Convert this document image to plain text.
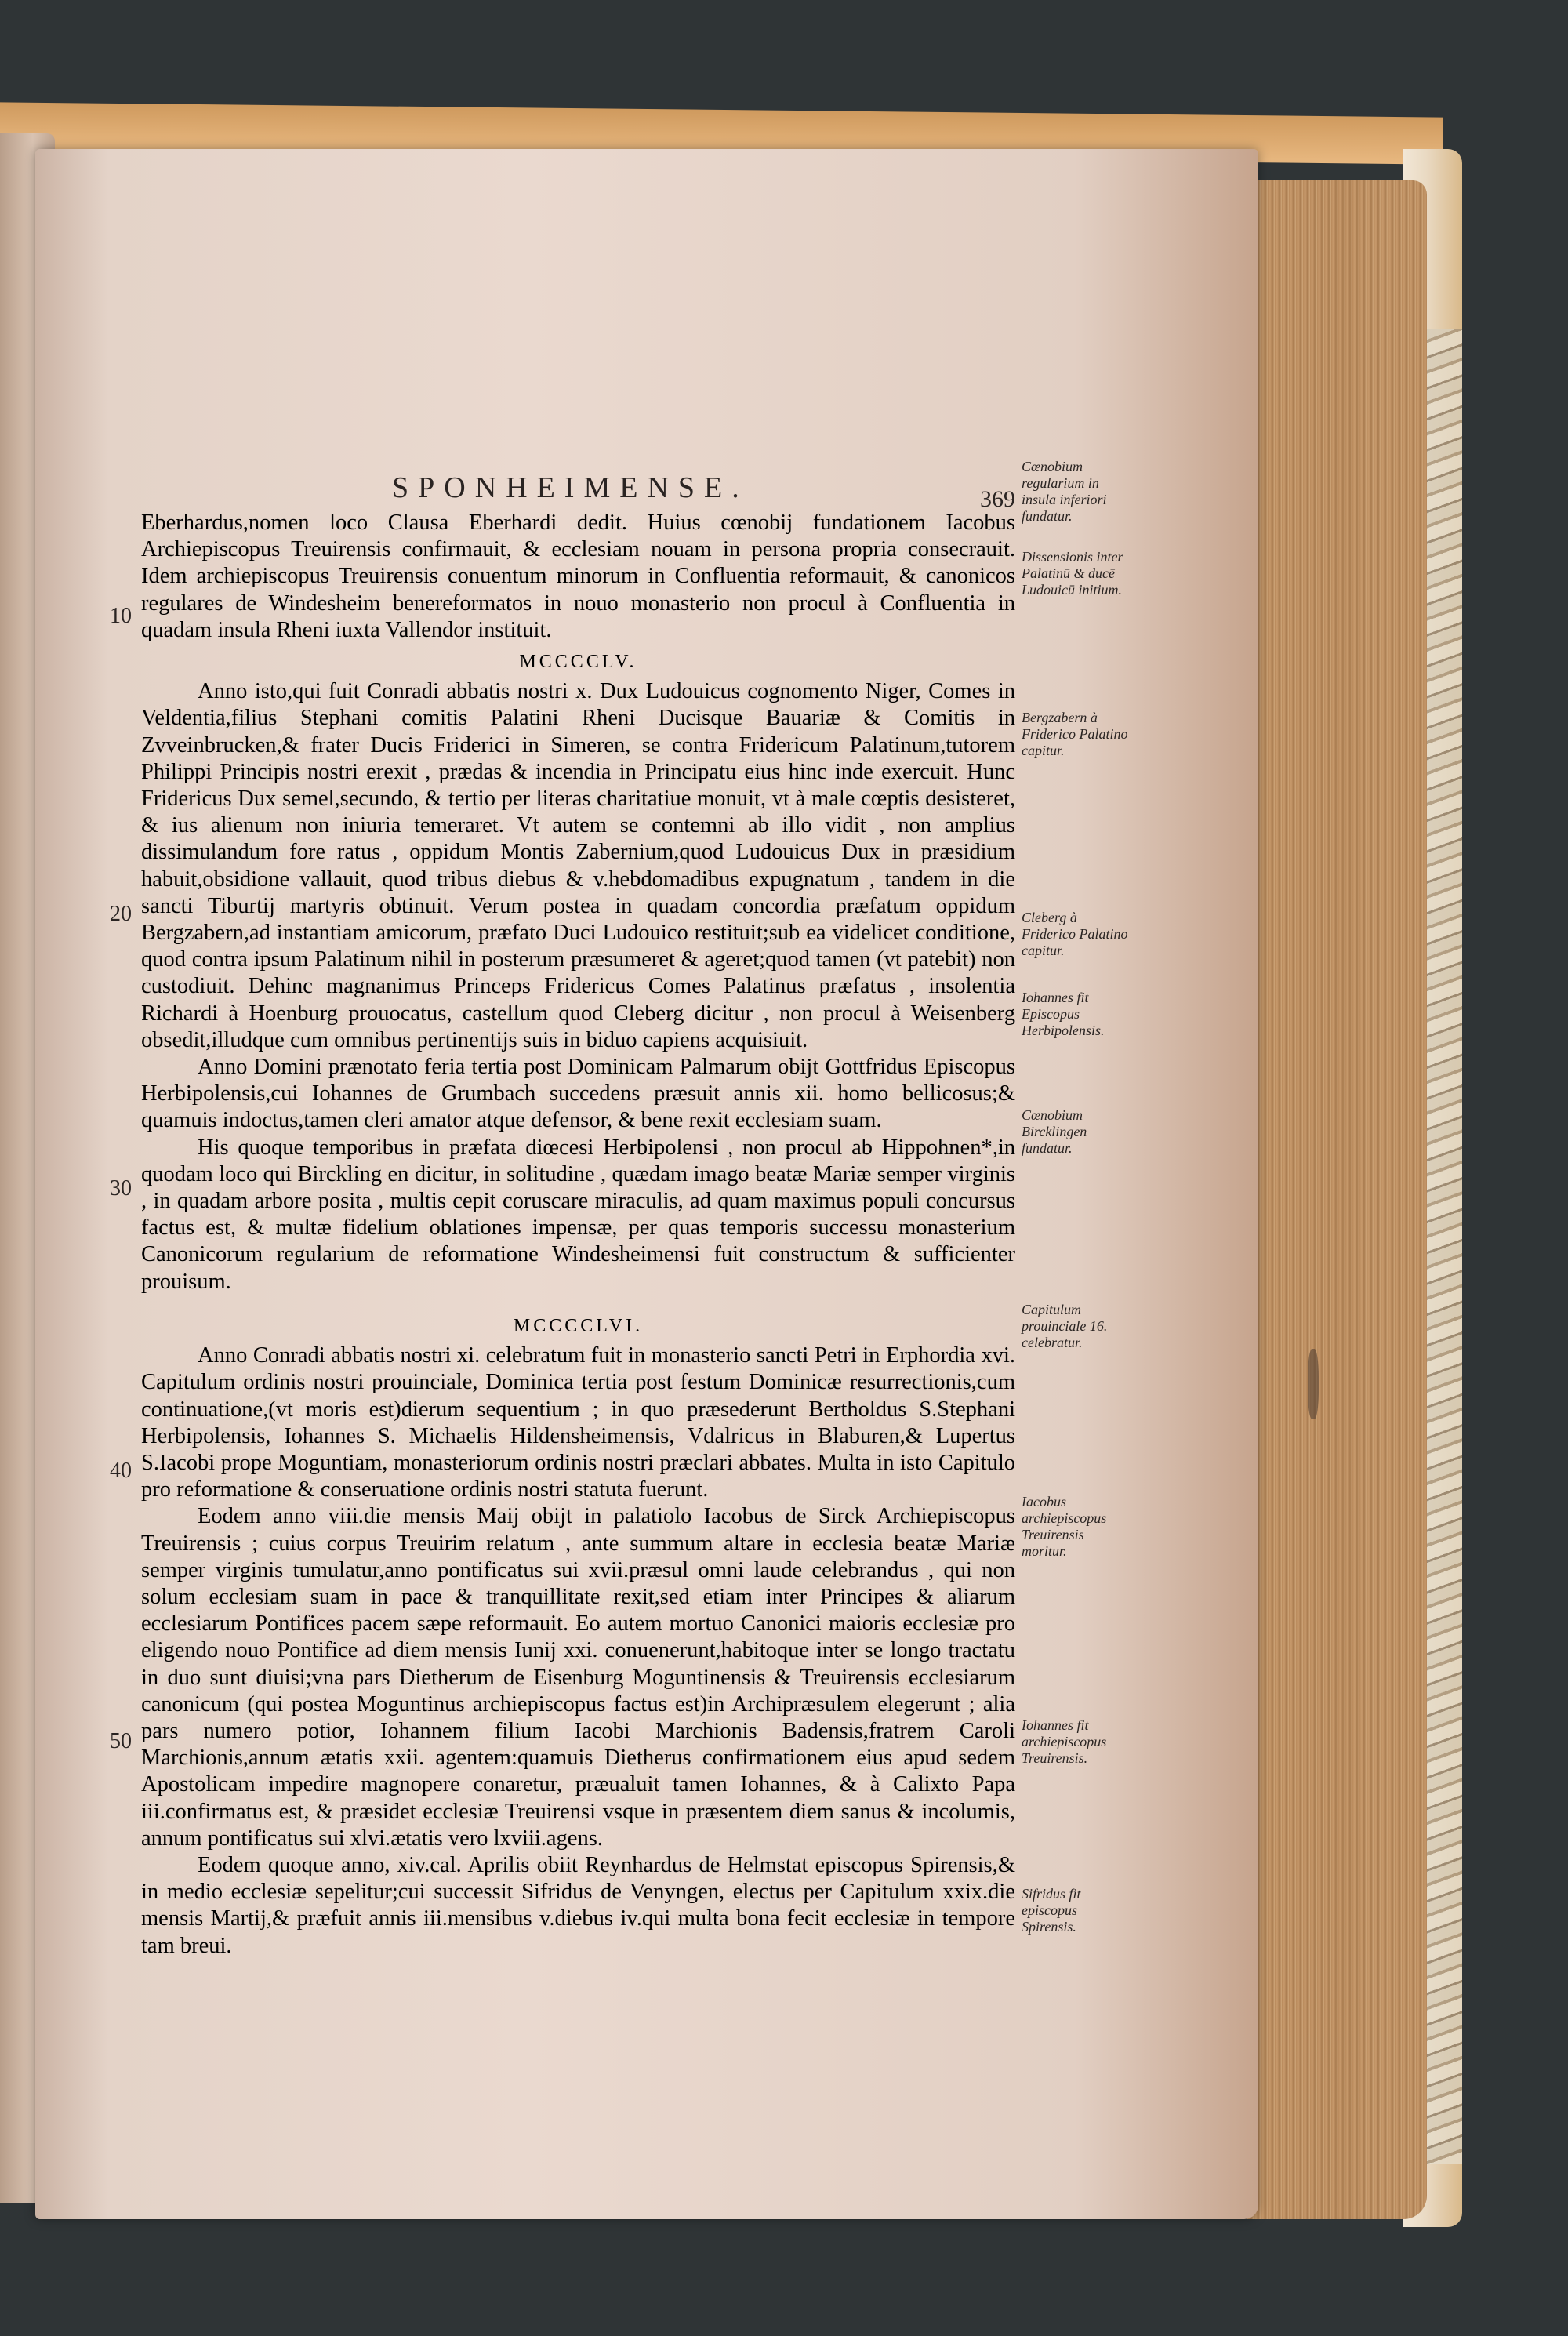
SPONHEIMENSE.	369

Eberhardus,nomen loco Clausa Eberhardi dedit. Huius cœnobij fundationem Iacobus Archiepiscopus Treuirensis confirmauit, & ecclesiam nouam in persona propria consecrauit. Idem archiepiscopus Treuirensis conuentum minorum in Confluentia reformauit, & canonicos regulares de Windesheim benereformatos in nouo monasterio non procul à Confluentia in quadam insula Rheni iuxta Vallendor instituit.

MCCCCLV.

Anno isto,qui fuit Conradi abbatis nostri x. Dux Ludouicus cognomento Niger, Comes in Veldentia,filius Stephani comitis Palatini Rheni Ducisque Bauariæ & Comitis in Zvveinbrucken,& frater Ducis Friderici in Simeren, se contra Fridericum Palatinum,tutorem Philippi Principis nostri erexit , prædas & incendia in Principatu eius hinc inde exercuit. Hunc Fridericus Dux semel,secundo, & tertio per literas charitatiue monuit, vt à male cœptis desisteret, & ius alienum non iniuria temeraret. Vt autem se contemni ab illo vidit , non amplius dissimulandum fore ratus , oppidum Montis Zabernium,quod Ludouicus Dux in præsidium habuit,obsidione vallauit, quod tribus diebus & v.hebdomadibus expugnatum , tandem in die sancti Tiburtij martyris obtinuit. Verum postea in quadam concordia præfatum oppidum Bergzabern,ad instantiam amicorum, præfato Duci Ludouico restituit;sub ea videlicet conditione, quod contra ipsum Palatinum nihil in posterum præsumeret & ageret;quod tamen (vt patebit) non custodiuit. Dehinc magnanimus Princeps Fridericus Comes Palatinus præfatus , insolentia Richardi à Hoenburg prouocatus, castellum quod Cleberg dicitur , non procul à Weisenberg obsedit,illudque cum omnibus pertinentijs suis in biduo capiens acquisiuit.

Anno Domini prænotato feria tertia post Dominicam Palmarum obijt Gottfridus Episcopus Herbipolensis,cui Iohannes de Grumbach succedens præsuit annis xii. homo bellicosus;& quamuis indoctus,tamen cleri amator atque defensor, & bene rexit ecclesiam suam.

His quoque temporibus in præfata diœcesi Herbipolensi , non procul ab Hippohnen*,in quodam loco qui Birckling en dicitur, in solitudine , quædam imago beatæ Mariæ semper virginis , in quadam arbore posita , multis cepit coruscare miraculis, ad quam maximus populi concursus factus est, & multæ fidelium oblationes impensæ, per quas temporis successu monasterium Canonicorum regularium de reformatione Windesheimensi fuit constructum & sufficienter prouisum.

MCCCCLVI.

Anno Conradi abbatis nostri xi. celebratum fuit in monasterio sancti Petri in Erphordia xvi. Capitulum ordinis nostri prouinciale, Dominica tertia post festum Dominicæ resurrectionis,cum continuatione,(vt moris est)dierum sequentium ; in quo præsederunt Bertholdus S.Stephani Herbipolensis, Iohannes S. Michaelis Hildensheimensis, Vdalricus in Blaburen,& Lupertus S.Iacobi prope Moguntiam, monasteriorum ordinis nostri præclari abbates. Multa in isto Capitulo pro reformatione & conseruatione ordinis nostri statuta fuerunt.

Eodem anno viii.die mensis Maij obijt in palatiolo Iacobus de Sirck Archiepiscopus Treuirensis ; cuius corpus Treuirim relatum , ante summum altare in ecclesia beatæ Mariæ semper virginis tumulatur,anno pontificatus sui xvii.præsul omni laude celebrandus , qui non solum ecclesiam suam in pace & tranquillitate rexit,sed etiam inter Principes & aliarum ecclesiarum Pontifices pacem sæpe reformauit. Eo autem mortuo Canonici maioris ecclesiæ pro eligendo nouo Pontifice ad diem mensis Iunij xxi. conuenerunt,habitoque inter se longo tractatu in duo sunt diuisi;vna pars Dietherum de Eisenburg Moguntinensis & Treuirensis ecclesiarum canonicum (qui postea Moguntinus archiepiscopus factus est)in Archipræsulem elegerunt ; alia pars numero potior, Iohannem filium Iacobi Marchionis Badensis,fratrem Caroli Marchionis,annum ætatis xxii. agentem:quamuis Dietherus confirmationem eius apud sedem Apostolicam impedire magnopere conaretur, præualuit tamen Iohannes, & à Calixto Papa iii.confirmatus est, & præsidet ecclesiæ Treuirensi vsque in præsentem diem sanus & incolumis, annum pontificatus sui xlvi.ætatis vero lxviii.agens.

Eodem quoque anno, xiv.cal. Aprilis obiit Reynhardus de Helmstat episcopus Spirensis,& in medio ecclesiæ sepelitur;cui successit Sifridus de Venyngen, electus per Capitulum xxix.die mensis Martij,& præfuit annis iii.mensibus v.diebus iv.qui multa bona fecit ecclesiæ in tempore tam breui.

10
20
30
40
50
Cœnobium regularium in insula inferiori fundatur.
Dissensionis inter Palatinū & ducē Ludouicū initium.
Bergzabern à Friderico Palatino capitur.
Cleberg à Friderico Palatino capitur.
Iohannes fit Episcopus Herbipolensis.
Cœnobium Bircklingen fundatur.
Capitulum prouinciale 16. celebratur.
Iacobus archiepiscopus Treuirensis moritur.
Iohannes fit archiepiscopus Treuirensis.
Sifridus fit episcopus Spirensis.
